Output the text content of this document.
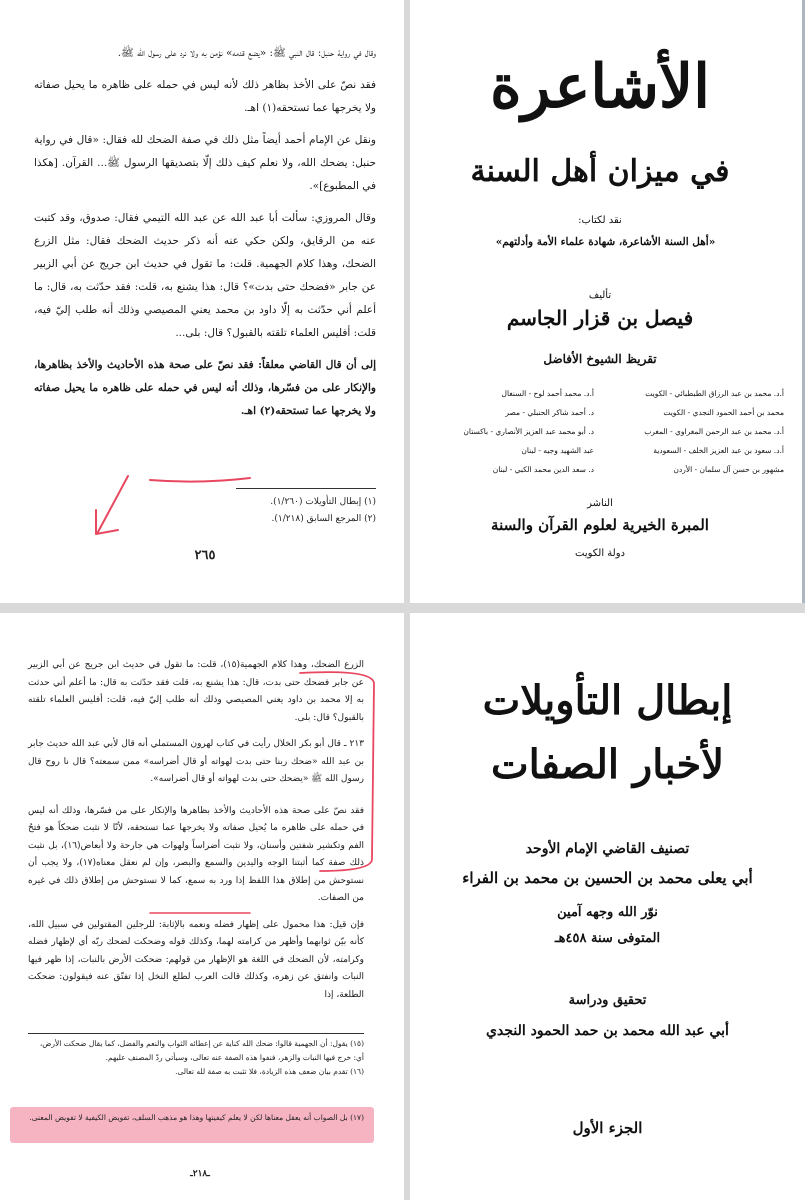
وقال في رواية حنبل: قال النبي ﷺ: «يضع قدمه» نؤمن به ولا نرد على رسول الله ﷺ.

فقد نصّ على الأخذ بظاهر ذلك لأنه ليس في حمله على ظاهره ما يحيل صفاته ولا يخرجها عما تستحقه(١) اهـ.

ونقل عن الإمام أحمد أيضاً مثل ذلك في صفة الضحك لله فقال: «قال في رواية حنبل: يضحك الله، ولا نعلم كيف ذلك إلّا بتصديقها الرسول ﷺ... القرآن. [هكذا في المطبوع]».

وقال المروزي: سألت أبا عبد الله عن عبد الله التيمي فقال: صدوق، وقد كتبت عنه من الرقايق، ولكن حكي عنه أنه ذكر حديث الضحك فقال: مثل الزرع الضحك، وهذا كلام الجهمية. قلت: ما تقول في حديث ابن جريج عن أبي الزبير عن جابر «فضحك حتى بدت»؟ قال: هذا يشنع به، قلت: فقد حدّثت به، قال: ما أعلم أني حدّثت به إلّا داود بن محمد يعني المصيصي وذلك أنه طلب إليّ فيه، قلت: أفليس العلماء تلقته بالقبول؟ قال: بلى...

إلى أن قال القاضي معلقاً: فقد نصّ على صحة هذه الأحاديث والأخذ بظاهرها، والإنكار على من فسّرها، وذلك أنه ليس في حمله على ظاهره ما يحيل صفاته ولا يخرجها عما تستحقه(٢) اهـ.

(١) إبطال التأويلات (١/٢٦٠).
(٢) المرجع السابق (١/٢١٨).
٢٦٥
الأشاعرة
في ميزان أهل السنة
نقد لكتاب:
«أهل السنة الأشاعرة، شهادة علماء الأمة وأدلتهم»
تأليف
فيصل بن قزار الجاسم
تقريظ الشيوخ الأفاضل
أ.د. محمد بن عبد الرزاق الطبطبائي - الكويت
محمد بن أحمد الحمود النجدي - الكويت
أ.د. محمد بن عبد الرحمن المغراوي - المغرب
أ.د. سعود بن عبد العزيز الخلف - السعودية
مشهور بن حسن آل سلمان - الأردن
أ.د. محمد أحمد لوح - السنغال
د. أحمد شاكر الحنبلي - مصر
د. أبو محمد عبد العزيز الأنصاري - باكستان
عبد الشهيد وجيه - لبنان
د. سعد الدين محمد الكبي - لبنان
الناشر
المبرة الخيرية لعلوم القرآن والسنة
دولة الكويت

الزرع الضحك، وهذا كلام الجهمية(١٥)، قلت: ما تقول في حديث ابن جريج عن أبي الزبير عن جابر فضحك حتى بدت، قال: هذا يشنع به، قلت فقد حدّثت به قال: ما أعلم أني حدثت به إلا محمد بن داود يعني المصيصي وذلك أنه طلب إليّ فيه، قلت: أفليس العلماء تلقته بالقبول؟ قال: بلى.

٢١٣ ـ قال أبو بكر الخلال رأيت في كتاب لهرون المستملي أنه قال لأبي عبد الله حديث جابر بن عبد الله «ضحك ربنا حتى بدت لهواته أو قال أضراسه» ممن سمعته؟ قال نا روح قال رسول الله ﷺ «يضحك حتى بدت لهواته أو قال أضراسه».

فقد نصّ على صحة هذه الأحاديث والأخذ بظاهرها والإنكار على من فسّرها، وذلك أنه ليس في حمله على ظاهره ما يُحيل صفاته ولا يخرجها عما تستحقه، لأنّا لا نثبت ضحكاً هو فتحُ الفم وتكشير شفتين وأسنان، ولا نثبت أضراساً ولهوات هي جارحة ولا أبعاض(١٦)، بل نثبت ذلك صفة كما أثبتنا الوجه واليدين والسمع والبصر، وإن لم نعقل معناه(١٧)، ولا يجب أن نستوحش من إطلاق هذا اللفظ إذا ورد به سمع، كما لا نستوحش من إطلاق ذلك في غيره من الصفات.

فإن قيل: هذا محمول على إظهار فضله ونعمه بالإثابة: للرجلين المقتولين في سبيل الله، كأنه بيّن ثوابهما وأظهر من كرامته لهما، وكذلك قوله وضحكت لضحك ربّه أي لإظهار فضله وكرامته، لأن الضحك في اللغة هو الإظهار من قولهم: ضحكت الأرض بالنبات، إذا ظهر فيها النبات وانفتق عن زهره، وكذلك قالت العرب لطلع النخل إذا تفتّق عنه فيقولون: ضحكت الطلعة، إذا

(١٥) يقول: أن الجهمية قالوا: ضحك الله كناية عن إعطائه الثواب والنعم والفضل، كما يقال ضحكت الأرض، أي: خرج فيها النبات والزهر، فنفوا هذه الصفة عنه تعالى، وسيأتي ردّ المصنف عليهم.
(١٦) تقدم بيان ضعف هذه الزيادة، فلا تثبت به صفة لله تعالى.
(١٧) بل الصواب أنه يعقل معناها لكن لا يعلم كيفيتها وهذا هو مذهب السلف، تفويض الكيفية لا تفويض المعنى.
ـ٢١٨ـ
إبطال التأويلات
لأخبار الصفات
تصنيف القاضي الإمام الأوحد
أبي يعلى محمد بن الحسين بن محمد بن الفراء
نوّر الله وجهه آمين
المتوفى سنة ٤٥٨هـ
تحقيق ودراسة
أبي عبد الله محمد بن حمد الحمود النجدي
الجزء الأول
